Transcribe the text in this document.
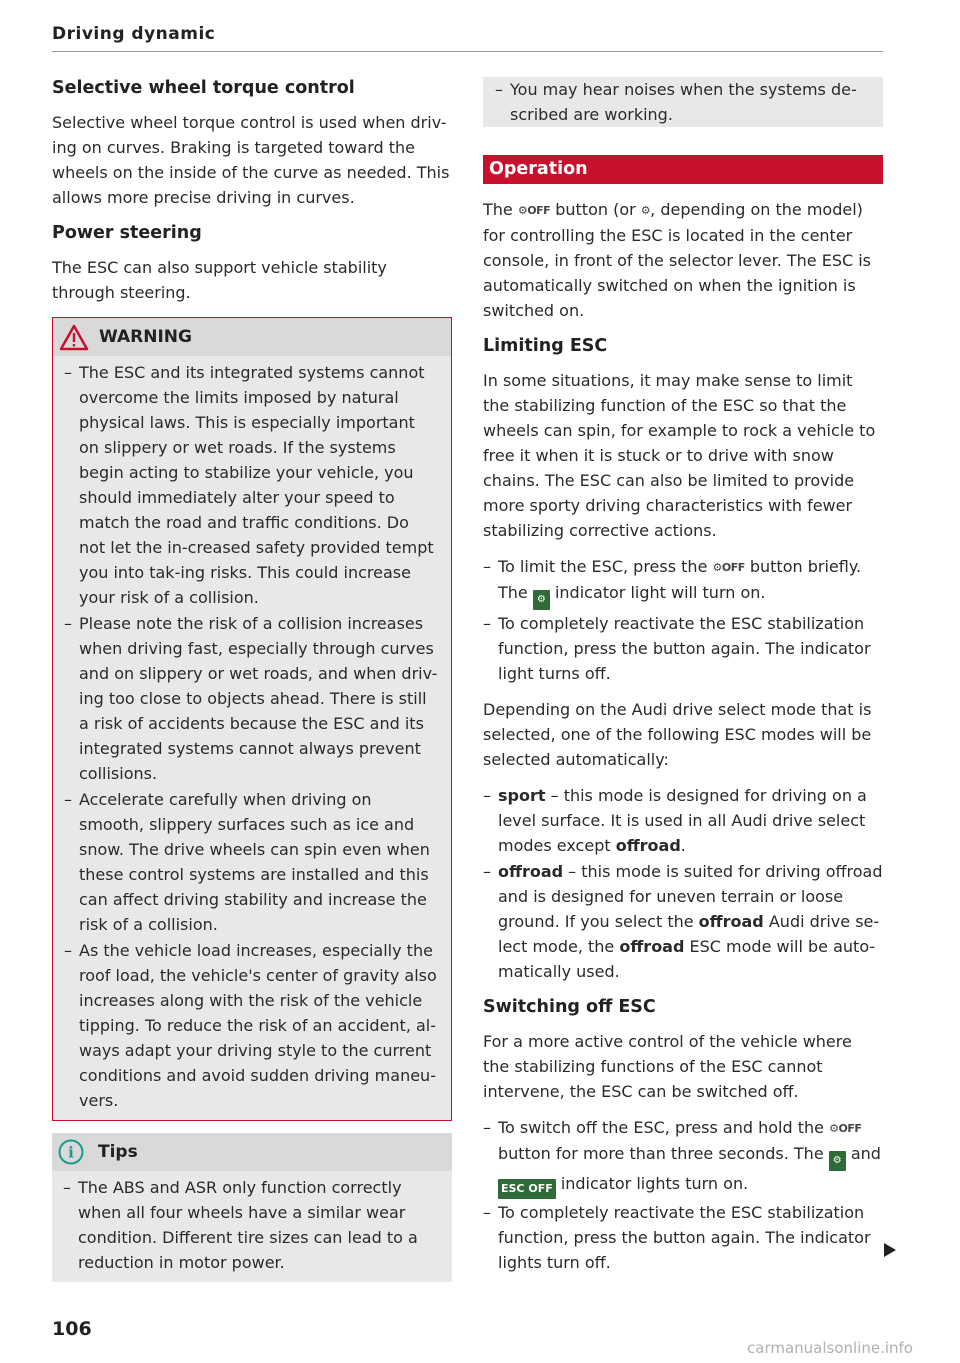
Driving dynamic
Selective wheel torque control

Selective wheel torque control is used when driv-ing on curves. Braking is targeted toward the wheels on the inside of the curve as needed. This allows more precise driving in curves.

Power steering

The ESC can also support vehicle stability through steering.

WARNING
– The ESC and its integrated systems cannot overcome the limits imposed by natural physical laws. This is especially important on slippery or wet roads. If the systems begin acting to stabilize your vehicle, you should immediately alter your speed to match the road and traffic conditions. Do not let the in-creased safety provided tempt you into tak-ing risks. This could increase your risk of a collision.
– Please note the risk of a collision increases when driving fast, especially through curves and on slippery or wet roads, and when driv-ing too close to objects ahead. There is still a risk of accidents because the ESC and its integrated systems cannot always prevent collisions.
– Accelerate carefully when driving on smooth, slippery surfaces such as ice and snow. The drive wheels can spin even when these control systems are installed and this can affect driving stability and increase the risk of a collision.
– As the vehicle load increases, especially the roof load, the vehicle's center of gravity also increases along with the risk of the vehicle tipping. To reduce the risk of an accident, al-ways adapt your driving style to the current conditions and avoid sudden driving maneu-vers.
i Tips
– The ABS and ASR only function correctly when all four wheels have a similar wear condition. Different tire sizes can lead to a reduction in motor power.
– You may hear noises when the systems de-scribed are working.
Operation

The ⚙OFF button (or ⚙, depending on the model) for controlling the ESC is located in the center console, in front of the selector lever. The ESC is automatically switched on when the ignition is switched on.

Limiting ESC

In some situations, it may make sense to limit the stabilizing function of the ESC so that the wheels can spin, for example to rock a vehicle to free it when it is stuck or to drive with snow chains. The ESC can also be limited to provide more sporty driving characteristics with fewer stabilizing corrective actions.

– To limit the ESC, press the ⚙OFF button briefly. The ⚙ indicator light will turn on.
– To completely reactivate the ESC stabilization function, press the button again. The indicator light turns off.

Depending on the Audi drive select mode that is selected, one of the following ESC modes will be selected automatically:

– sport – this mode is designed for driving on a level surface. It is used in all Audi drive select modes except offroad.
– offroad – this mode is suited for driving offroad and is designed for uneven terrain or loose ground. If you select the offroad Audi drive se-lect mode, the offroad ESC mode will be auto-matically used.
Switching off ESC

For a more active control of the vehicle where the stabilizing functions of the ESC cannot intervene, the ESC can be switched off.

– To switch off the ESC, press and hold the ⚙OFF button for more than three seconds. The ⚙ and ESC OFF indicator lights turn on.
– To completely reactivate the ESC stabilization function, press the button again. The indicator lights turn off.
106
carmanualsonline.info
